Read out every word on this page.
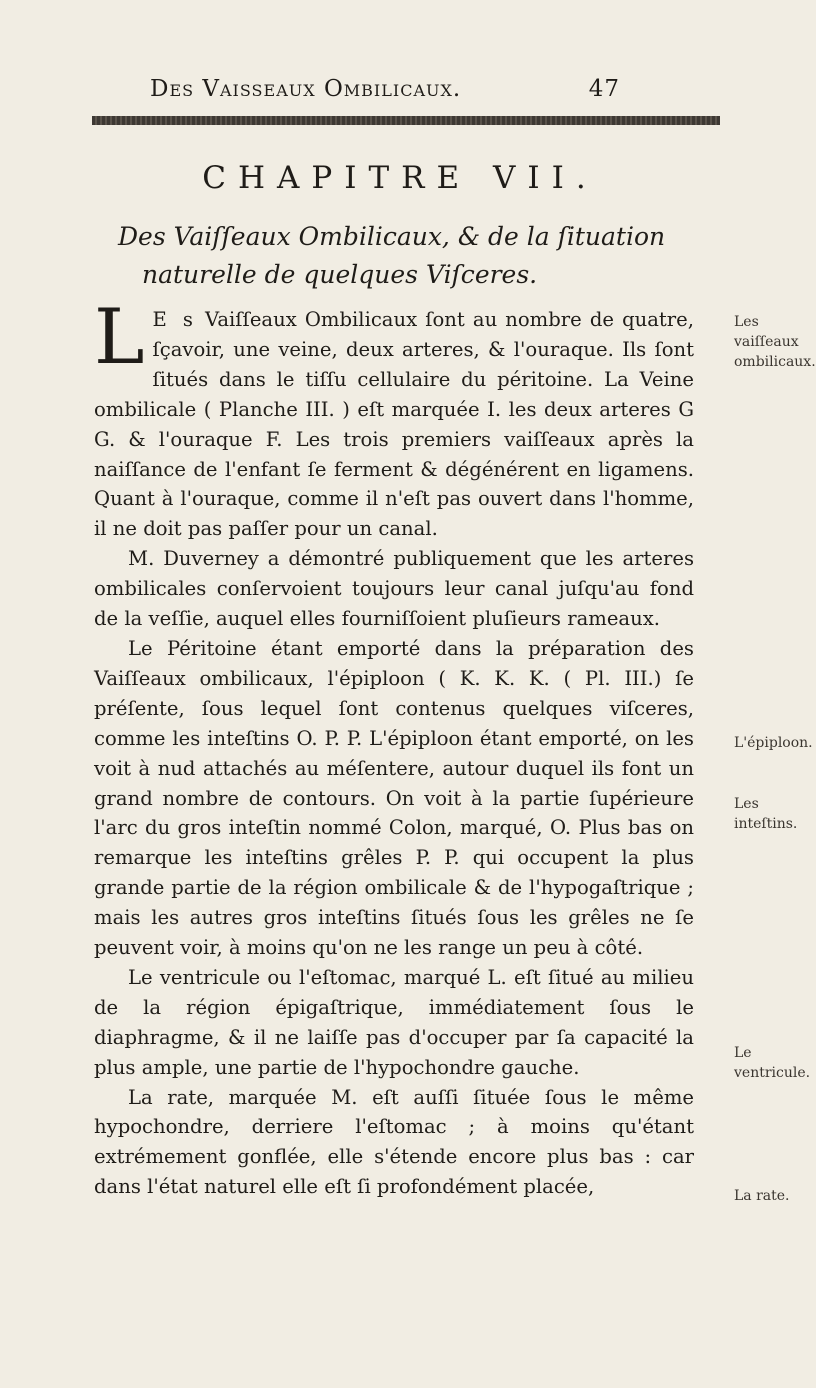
Des Vaisseaux Ombilicaux.	47
CHAPITRE VII.
Des Vaiſſeaux Ombilicaux, & de la ſituation
naturelle de quelques Viſceres.

L E s Vaiſſeaux Ombilicaux ſont au nombre de quatre, ſçavoir, une veine, deux arteres, & l'ouraque. Ils ſont ſitués dans le tiſſu cellulaire du péritoine. La Veine ombilicale ( Planche III. ) eſt marquée I. les deux arteres G G. & l'ouraque F. Les trois premiers vaiſſeaux après la naiſſance de l'enfant ſe ferment & dégénérent en ligamens. Quant à l'ouraque, comme il n'eſt pas ouvert dans l'homme, il ne doit pas paſſer pour un canal.

M. Duverney a démontré publiquement que les arteres ombilicales conſervoient toujours leur canal juſqu'au fond de la veſſie, auquel elles fourniſſoient pluſieurs rameaux.

Le Péritoine étant emporté dans la préparation des Vaiſſeaux ombilicaux, l'épiploon ( K. K. K. ( Pl. III.) ſe préſente, ſous lequel ſont contenus quelques viſceres, comme les inteſtins O. P. P. L'épiploon étant emporté, on les voit à nud attachés au méſentere, autour duquel ils font un grand nombre de contours. On voit à la partie ſupérieure l'arc du gros inteſtin nommé Colon, marqué, O. Plus bas on remarque les inteſtins grêles P. P. qui occupent la plus grande partie de la région ombilicale & de l'hypogaſtrique ; mais les autres gros inteſtins ſitués ſous les grêles ne ſe peuvent voir, à moins qu'on ne les range un peu à côté.

Le ventricule ou l'eſtomac, marqué L. eſt ſitué au milieu de la région épigaſtrique, immédiatement ſous le diaphragme, & il ne laiſſe pas d'occuper par ſa capacité la plus ample, une partie de l'hypochondre gauche.

La rate, marquée M. eſt auſſi ſituée ſous le même hypochondre, derriere l'eſtomac ; à moins qu'étant extrémement gonflée, elle s'étende encore plus bas : car dans l'état naturel elle eſt ſi profondément placée,

Les vaiſſeaux ombilicaux.
L'épiploon.
Les inteſtins.
Le ventricule.
La rate.
